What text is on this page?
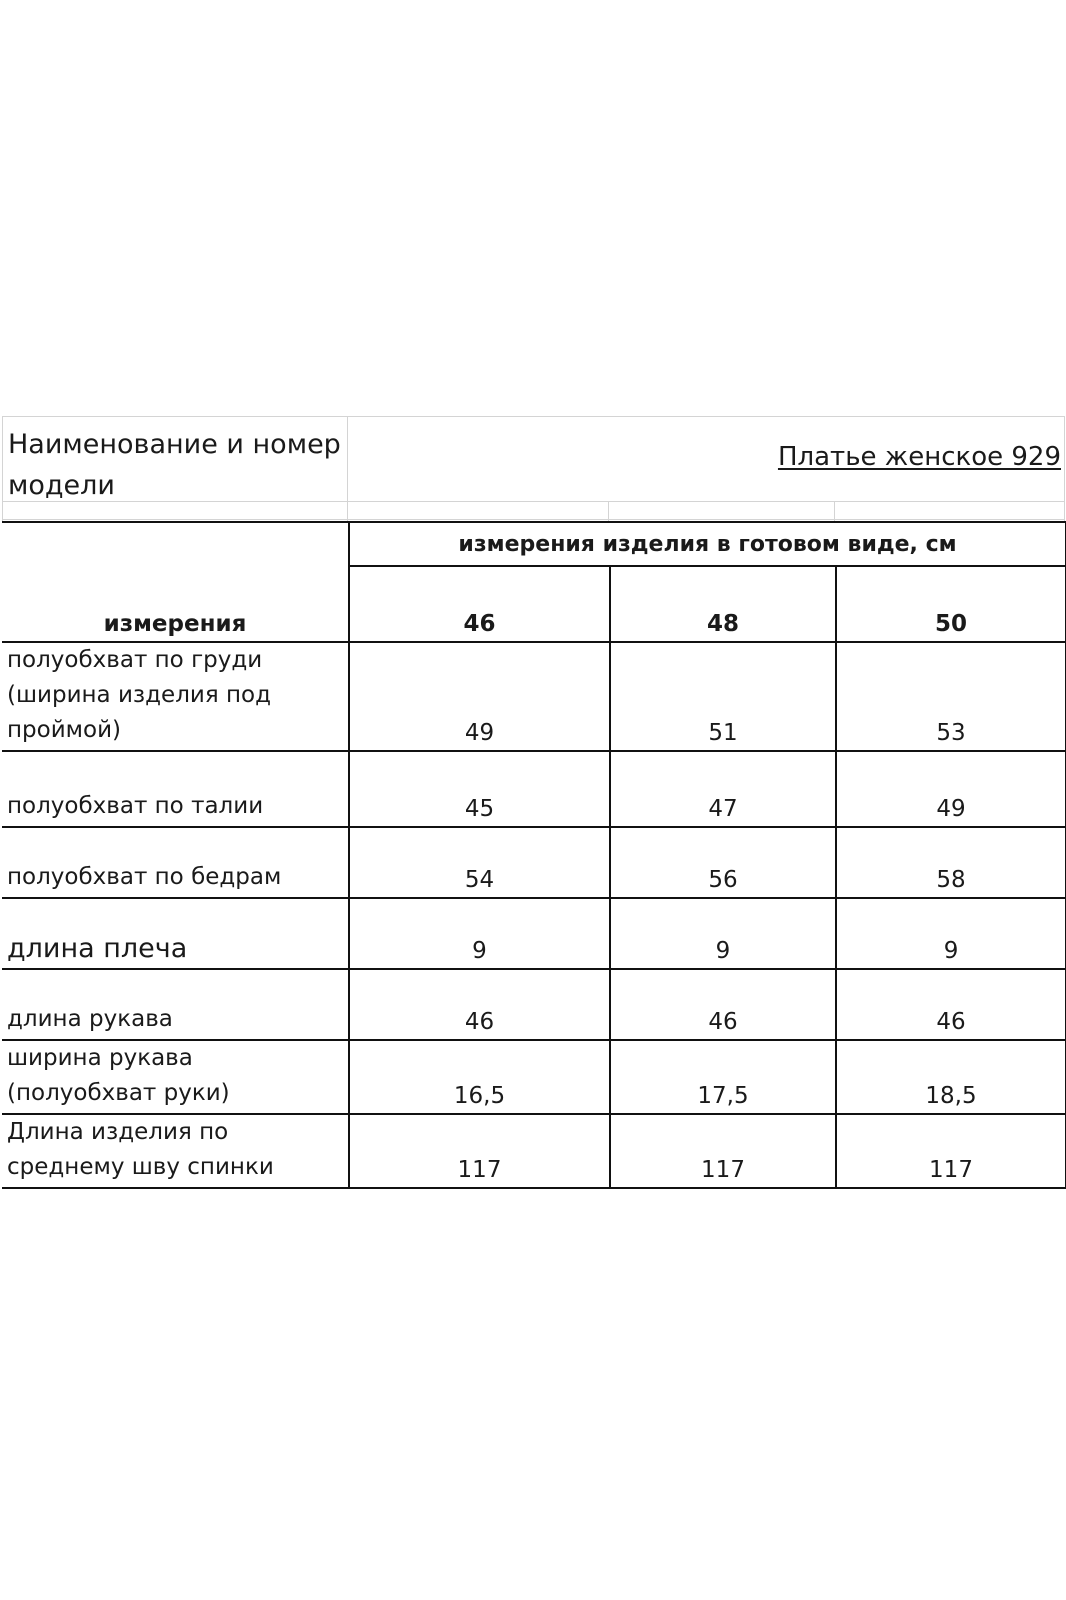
Наименование и номер модели
Платье женское 929
измерения	измерения изделия в готовом виде, см		
	46	48	50
полуобхват по груди (ширина изделия под проймой)	49	51	53
полуобхват по талии	45	47	49
полуобхват по бедрам	54	56	58
длина плеча	9	9	9
длина рукава	46	46	46
ширина рукава (полуобхват руки)	16,5	17,5	18,5
Длина изделия по среднему шву спинки	117	117	117
